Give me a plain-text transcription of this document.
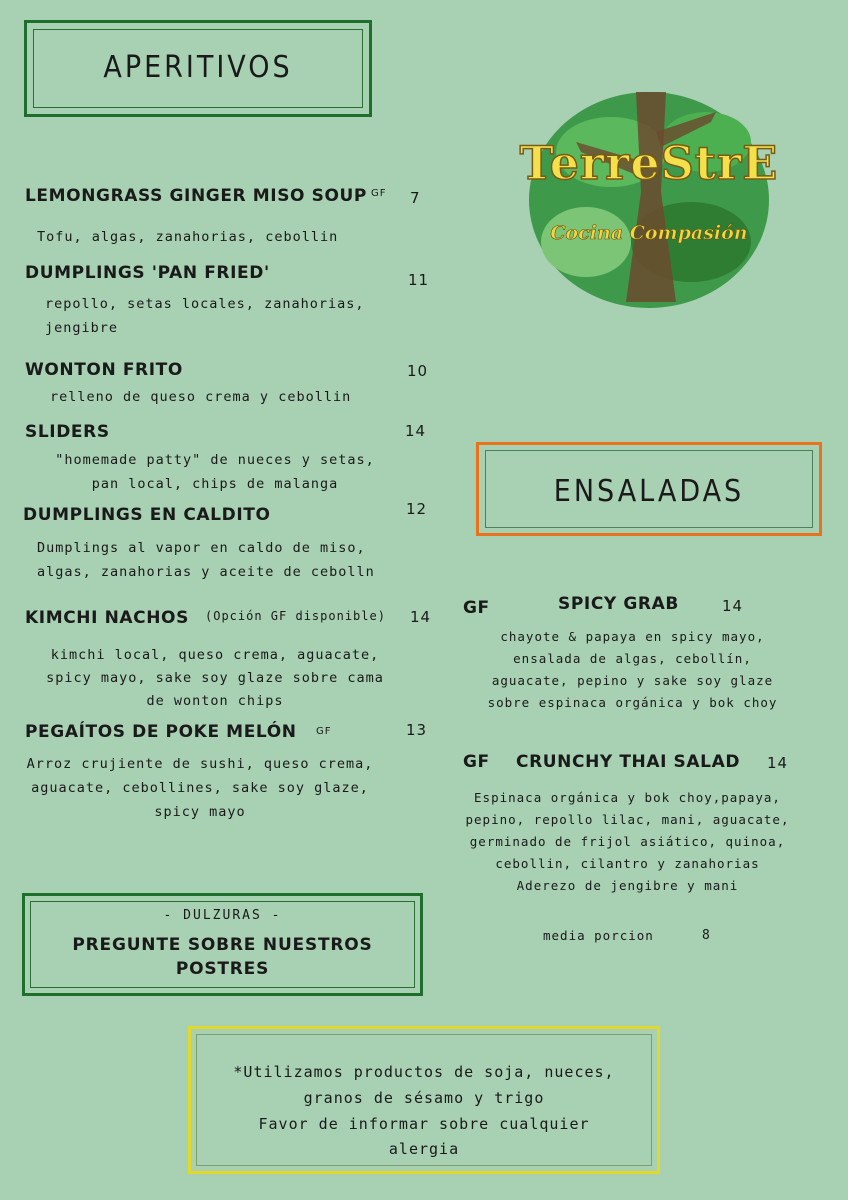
APERITIVOS
TerreStrE
Cocina Compasión
LEMONGRASS GINGER MISO SOUP GF 7
Tofu, algas, zanahorias, cebollin
DUMPLINGS 'PAN FRIED'	11
repollo, setas locales, zanahorias,
jengibre
WONTON FRITO	10
relleno de queso crema y cebollin
SLIDERS	14
"homemade patty" de nueces y setas,
pan local, chips de malanga
DUMPLINGS EN CALDITO	12
Dumplings al vapor en caldo de miso,
algas, zanahorias y aceite de cebolln
KIMCHI NACHOS (Opción GF disponible) 14
kimchi local, queso crema, aguacate,
spicy mayo, sake soy glaze sobre cama
de wonton chips
PEGAÍTOS DE POKE MELÓN GF	13
Arroz crujiente de sushi, queso crema,
aguacate, cebollines, sake soy glaze,
spicy mayo
ENSALADAS
GF	SPICY GRAB	14
chayote & papaya en spicy mayo,
ensalada de algas, cebollín,
aguacate, pepino y sake soy glaze
sobre espinaca orgánica y bok choy
GF CRUNCHY THAI SALAD 14
Espinaca orgánica y bok choy,papaya,
pepino, repollo lilac, mani, aguacate,
germinado de frijol asiático, quinoa,
cebollin, cilantro y zanahorias
Aderezo de jengibre y mani
media porcion	8
- DULZURAS -
PREGUNTE SOBRE NUESTROS
POSTRES
*Utilizamos productos de soja, nueces,
granos de sésamo y trigo
Favor de informar sobre cualquier
alergia
